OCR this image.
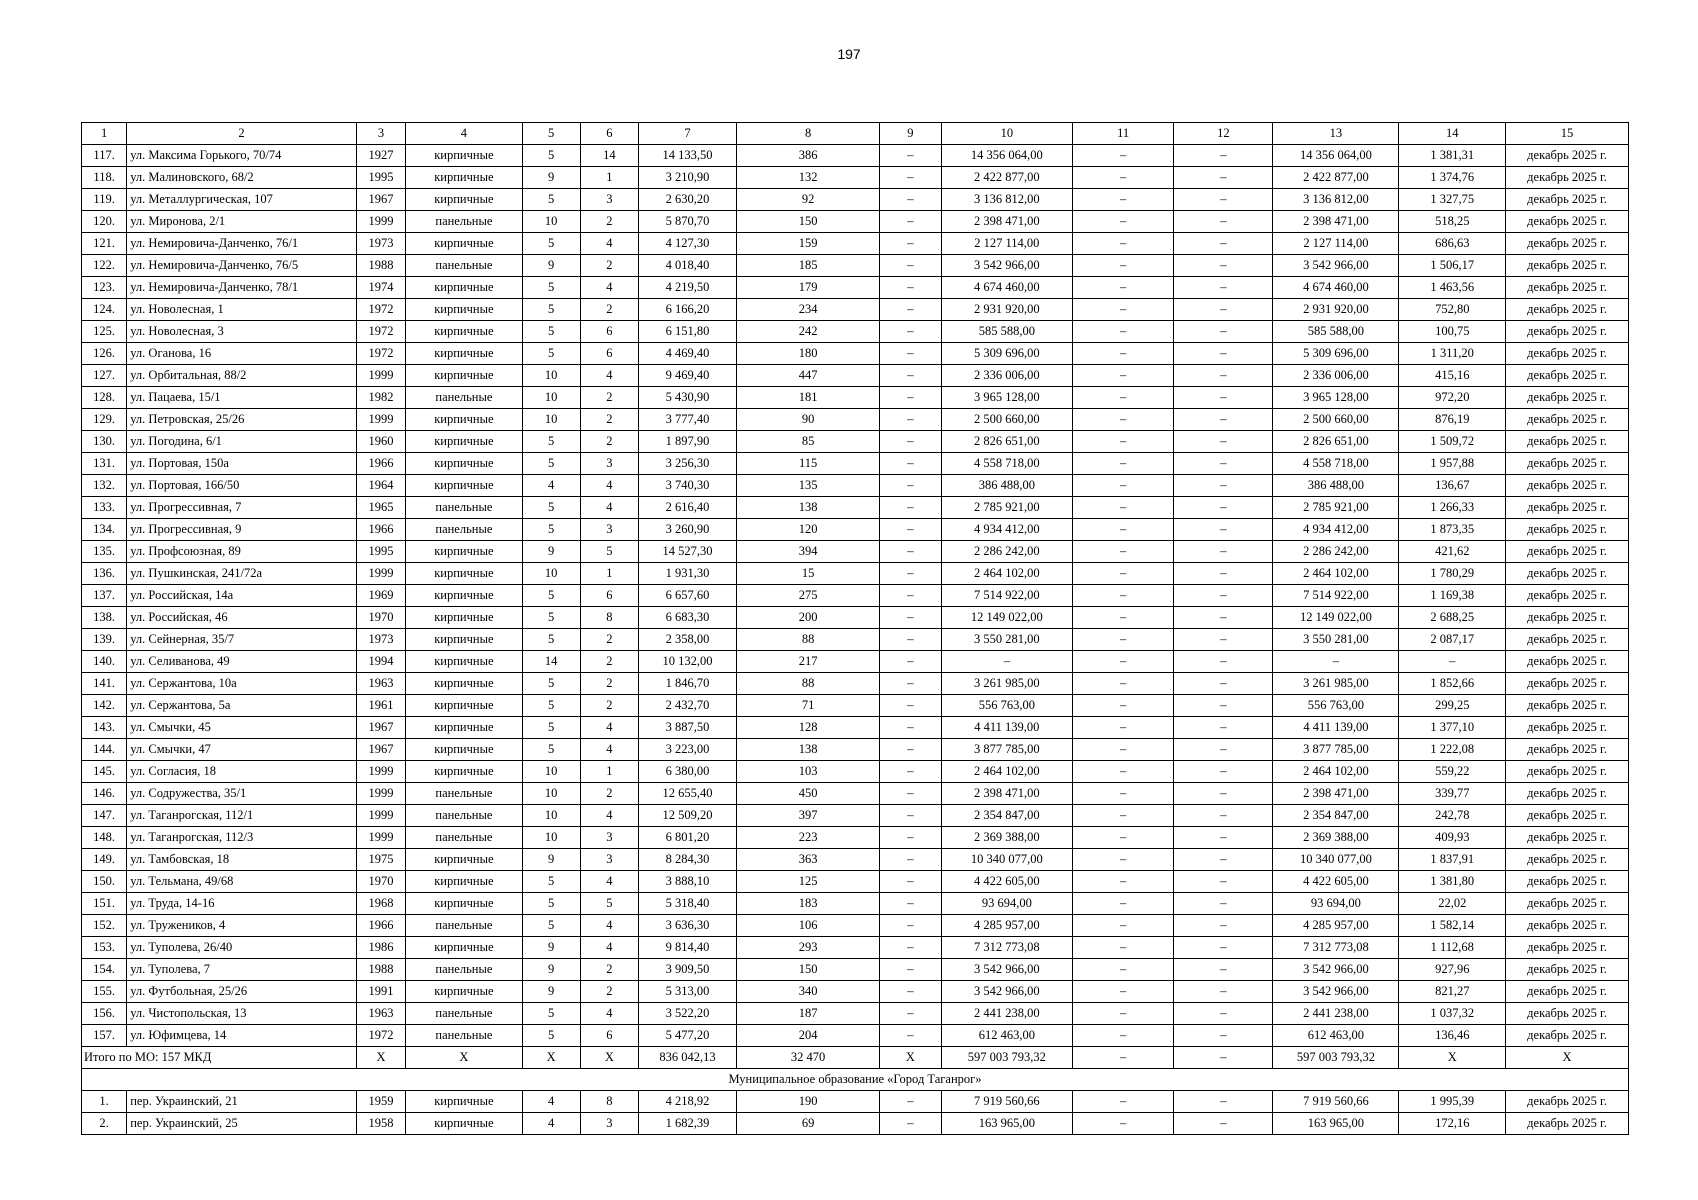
197
1	2	3	4	5	6	7	8	9	10	11	12	13	14	15
117.	ул. Максима Горького, 70/74	1927	кирпичные	5	14	14 133,50	386	–	14 356 064,00	–	–	14 356 064,00	1 381,31	декабрь 2025 г.
118.	ул. Малиновского, 68/2	1995	кирпичные	9	1	3 210,90	132	–	2 422 877,00	–	–	2 422 877,00	1 374,76	декабрь 2025 г.
119.	ул. Металлургическая, 107	1967	кирпичные	5	3	2 630,20	92	–	3 136 812,00	–	–	3 136 812,00	1 327,75	декабрь 2025 г.
120.	ул. Миронова, 2/1	1999	панельные	10	2	5 870,70	150	–	2 398 471,00	–	–	2 398 471,00	518,25	декабрь 2025 г.
121.	ул. Немировича-Данченко, 76/1	1973	кирпичные	5	4	4 127,30	159	–	2 127 114,00	–	–	2 127 114,00	686,63	декабрь 2025 г.
122.	ул. Немировича-Данченко, 76/5	1988	панельные	9	2	4 018,40	185	–	3 542 966,00	–	–	3 542 966,00	1 506,17	декабрь 2025 г.
123.	ул. Немировича-Данченко, 78/1	1974	кирпичные	5	4	4 219,50	179	–	4 674 460,00	–	–	4 674 460,00	1 463,56	декабрь 2025 г.
124.	ул. Новолесная, 1	1972	кирпичные	5	2	6 166,20	234	–	2 931 920,00	–	–	2 931 920,00	752,80	декабрь 2025 г.
125.	ул. Новолесная, 3	1972	кирпичные	5	6	6 151,80	242	–	585 588,00	–	–	585 588,00	100,75	декабрь 2025 г.
126.	ул. Оганова, 16	1972	кирпичные	5	6	4 469,40	180	–	5 309 696,00	–	–	5 309 696,00	1 311,20	декабрь 2025 г.
127.	ул. Орбитальная, 88/2	1999	кирпичные	10	4	9 469,40	447	–	2 336 006,00	–	–	2 336 006,00	415,16	декабрь 2025 г.
128.	ул. Пацаева, 15/1	1982	панельные	10	2	5 430,90	181	–	3 965 128,00	–	–	3 965 128,00	972,20	декабрь 2025 г.
129.	ул. Петровская, 25/26	1999	кирпичные	10	2	3 777,40	90	–	2 500 660,00	–	–	2 500 660,00	876,19	декабрь 2025 г.
130.	ул. Погодина, 6/1	1960	кирпичные	5	2	1 897,90	85	–	2 826 651,00	–	–	2 826 651,00	1 509,72	декабрь 2025 г.
131.	ул. Портовая, 150а	1966	кирпичные	5	3	3 256,30	115	–	4 558 718,00	–	–	4 558 718,00	1 957,88	декабрь 2025 г.
132.	ул. Портовая, 166/50	1964	кирпичные	4	4	3 740,30	135	–	386 488,00	–	–	386 488,00	136,67	декабрь 2025 г.
133.	ул. Прогрессивная, 7	1965	панельные	5	4	2 616,40	138	–	2 785 921,00	–	–	2 785 921,00	1 266,33	декабрь 2025 г.
134.	ул. Прогрессивная, 9	1966	панельные	5	3	3 260,90	120	–	4 934 412,00	–	–	4 934 412,00	1 873,35	декабрь 2025 г.
135.	ул. Профсоюзная, 89	1995	кирпичные	9	5	14 527,30	394	–	2 286 242,00	–	–	2 286 242,00	421,62	декабрь 2025 г.
136.	ул. Пушкинская, 241/72а	1999	кирпичные	10	1	1 931,30	15	–	2 464 102,00	–	–	2 464 102,00	1 780,29	декабрь 2025 г.
137.	ул. Российская, 14а	1969	кирпичные	5	6	6 657,60	275	–	7 514 922,00	–	–	7 514 922,00	1 169,38	декабрь 2025 г.
138.	ул. Российская, 46	1970	кирпичные	5	8	6 683,30	200	–	12 149 022,00	–	–	12 149 022,00	2 688,25	декабрь 2025 г.
139.	ул. Сейнерная, 35/7	1973	кирпичные	5	2	2 358,00	88	–	3 550 281,00	–	–	3 550 281,00	2 087,17	декабрь 2025 г.
140.	ул. Селиванова, 49	1994	кирпичные	14	2	10 132,00	217	–	–	–	–	–	–	декабрь 2025 г.
141.	ул. Сержантова, 10а	1963	кирпичные	5	2	1 846,70	88	–	3 261 985,00	–	–	3 261 985,00	1 852,66	декабрь 2025 г.
142.	ул. Сержантова, 5а	1961	кирпичные	5	2	2 432,70	71	–	556 763,00	–	–	556 763,00	299,25	декабрь 2025 г.
143.	ул. Смычки, 45	1967	кирпичные	5	4	3 887,50	128	–	4 411 139,00	–	–	4 411 139,00	1 377,10	декабрь 2025 г.
144.	ул. Смычки, 47	1967	кирпичные	5	4	3 223,00	138	–	3 877 785,00	–	–	3 877 785,00	1 222,08	декабрь 2025 г.
145.	ул. Согласия, 18	1999	кирпичные	10	1	6 380,00	103	–	2 464 102,00	–	–	2 464 102,00	559,22	декабрь 2025 г.
146.	ул. Содружества, 35/1	1999	панельные	10	2	12 655,40	450	–	2 398 471,00	–	–	2 398 471,00	339,77	декабрь 2025 г.
147.	ул. Таганрогская, 112/1	1999	панельные	10	4	12 509,20	397	–	2 354 847,00	–	–	2 354 847,00	242,78	декабрь 2025 г.
148.	ул. Таганрогская, 112/3	1999	панельные	10	3	6 801,20	223	–	2 369 388,00	–	–	2 369 388,00	409,93	декабрь 2025 г.
149.	ул. Тамбовская, 18	1975	кирпичные	9	3	8 284,30	363	–	10 340 077,00	–	–	10 340 077,00	1 837,91	декабрь 2025 г.
150.	ул. Тельмана, 49/68	1970	кирпичные	5	4	3 888,10	125	–	4 422 605,00	–	–	4 422 605,00	1 381,80	декабрь 2025 г.
151.	ул. Труда, 14-16	1968	кирпичные	5	5	5 318,40	183	–	93 694,00	–	–	93 694,00	22,02	декабрь 2025 г.
152.	ул. Тружеников, 4	1966	панельные	5	4	3 636,30	106	–	4 285 957,00	–	–	4 285 957,00	1 582,14	декабрь 2025 г.
153.	ул. Туполева, 26/40	1986	кирпичные	9	4	9 814,40	293	–	7 312 773,08	–	–	7 312 773,08	1 112,68	декабрь 2025 г.
154.	ул. Туполева, 7	1988	панельные	9	2	3 909,50	150	–	3 542 966,00	–	–	3 542 966,00	927,96	декабрь 2025 г.
155.	ул. Футбольная, 25/26	1991	кирпичные	9	2	5 313,00	340	–	3 542 966,00	–	–	3 542 966,00	821,27	декабрь 2025 г.
156.	ул. Чистопольская, 13	1963	панельные	5	4	3 522,20	187	–	2 441 238,00	–	–	2 441 238,00	1 037,32	декабрь 2025 г.
157.	ул. Юфимцева, 14	1972	панельные	5	6	5 477,20	204	–	612 463,00	–	–	612 463,00	136,46	декабрь 2025 г.
Итого по МО: 157 МКД		Х	Х	Х	Х	836 042,13	32 470	Х	597 003 793,32	–	–	597 003 793,32	Х	Х
Муниципальное образование «Город Таганрог»														
1.	пер. Украинский, 21	1959	кирпичные	4	8	4 218,92	190	–	7 919 560,66	–	–	7 919 560,66	1 995,39	декабрь 2025 г.
2.	пер. Украинский, 25	1958	кирпичные	4	3	1 682,39	69	–	163 965,00	–	–	163 965,00	172,16	декабрь 2025 г.
